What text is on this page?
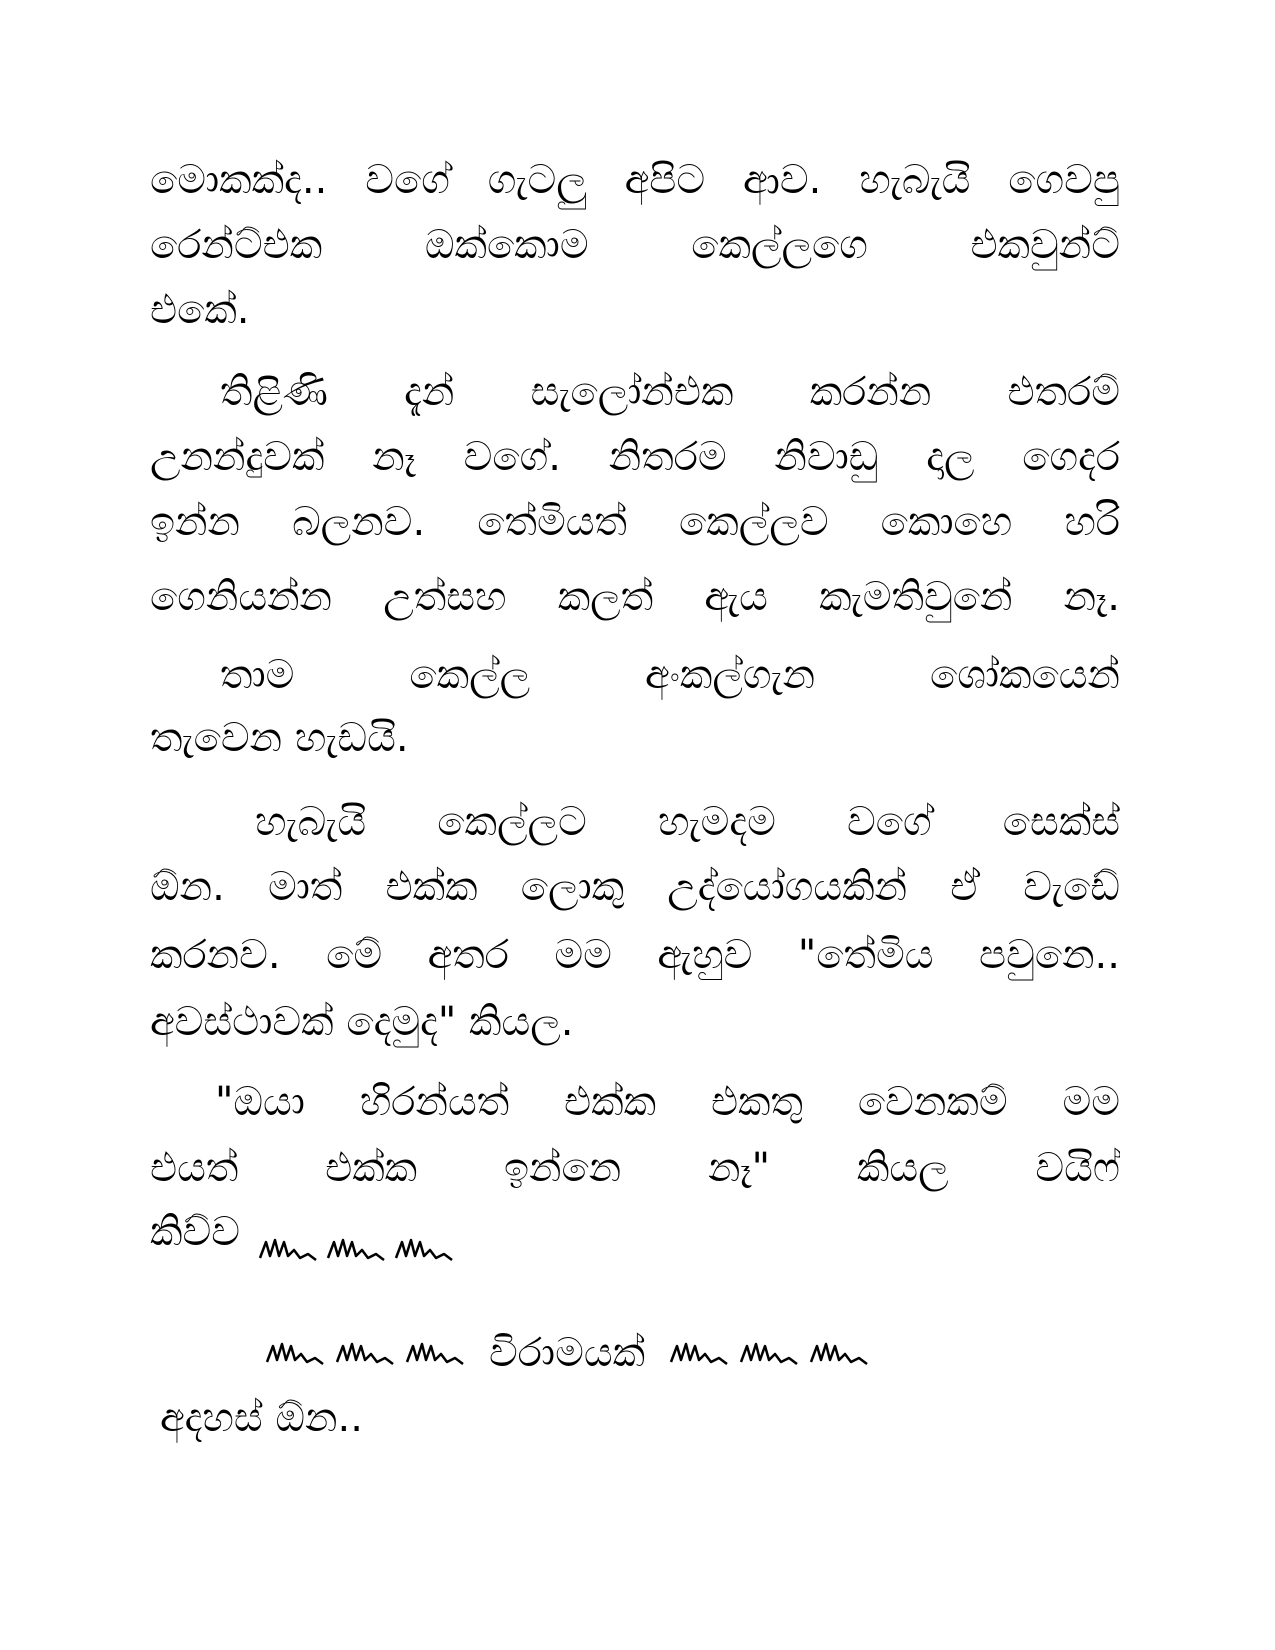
මොකක්ද.. වගේ ගැටලු අපිට ආව. හැබැයි ගෙවපු
රෙන්ට්එක ඔක්කොම කෙල්ලගෙ එකවුන්ට්
එකේ.
තිළිණි දැන් සැලෝන්එක කරන්න එතරම්
උනන්දුවක් නෑ වගේ. නිතරම නිවාඩු දාල ගෙදර
ඉන්න බලනව. තේමියත් කෙල්ලව කොහෙ හරි
ගෙනියන්න උත්සහ කලත් ඇය කැමතිවුනේ නෑ.
තාම කෙල්ල අංකල්ගැන ශෝකයෙන්
තැවෙන හැඩයි.
හැබැයි කෙල්ලට හැමදම වගේ සෙක්ස්
ඕන. මාත් එක්ක ලොකු උද්යෝගයකින් ඒ වැඩේ
කරනව. මේ අතර මම ඇහුව "තේමිය පවුනෙ..
අවස්ථාවක් දෙමුද" කියල.
"ඔයා හිරන්යත් එක්ක එකතු වෙනකම් මම
එයත් එක්ක ඉන්නෙ නෑ" කියල වයිෆ්
කිව්ව
විරාමයක්
අදහස් ඕන..
